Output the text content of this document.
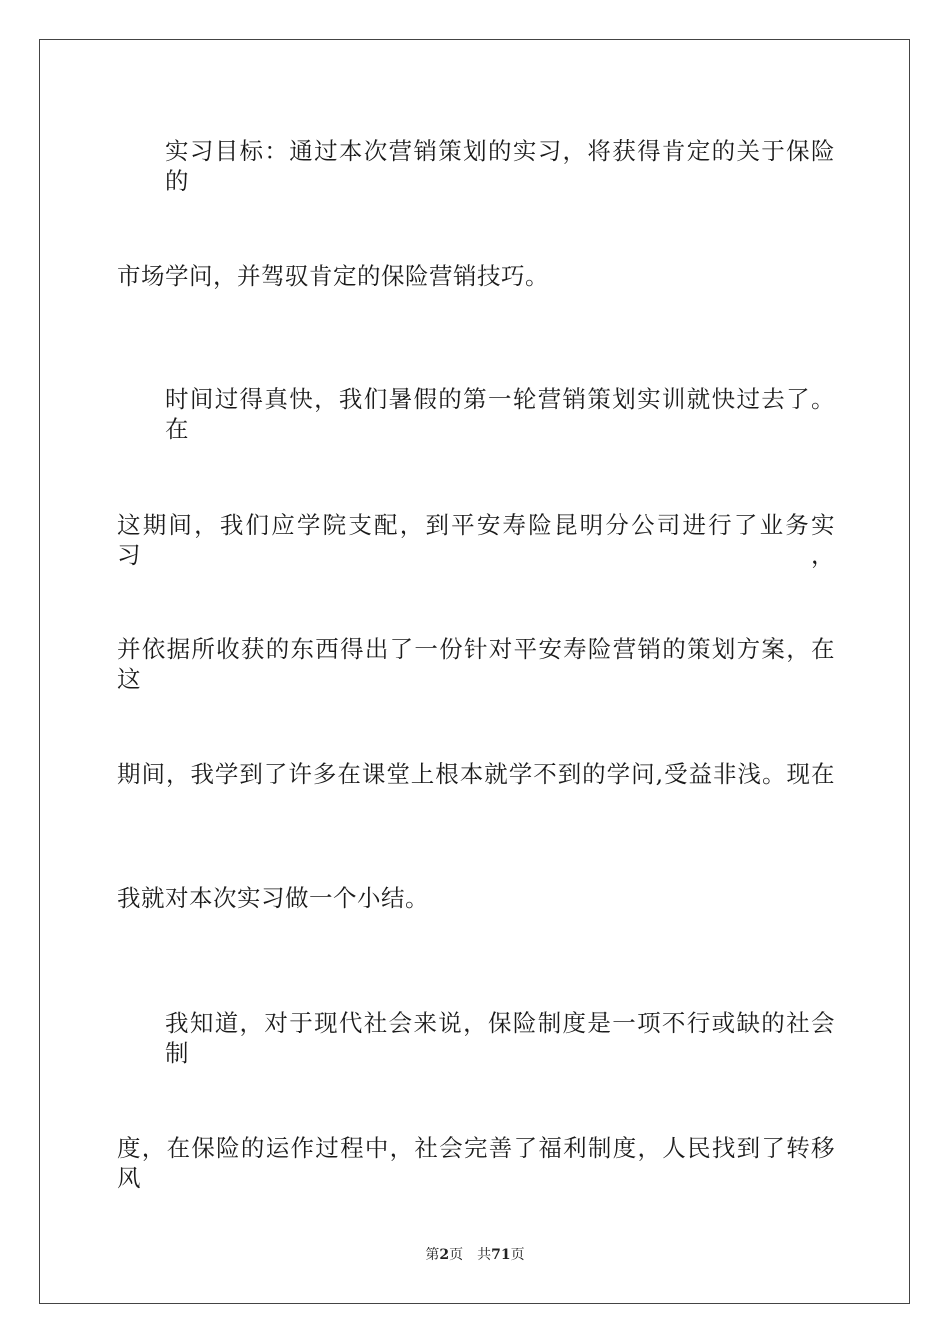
实习目标：通过本次营销策划的实习，将获得肯定的关于保险的
市场学问，并驾驭肯定的保险营销技巧。
时间过得真快，我们暑假的第一轮营销策划实训就快过去了。在
这期间，我们应学院支配，到平安寿险昆明分公司进行了业务实习，
并依据所收获的东西得出了一份针对平安寿险营销的策划方案，在这
期间，我学到了许多在课堂上根本就学不到的学问,受益非浅。现在
我就对本次实习做一个小结。
我知道，对于现代社会来说，保险制度是一项不行或缺的社会制
度，在保险的运作过程中，社会完善了福利制度，人民找到了转移风
第2页 共71页
